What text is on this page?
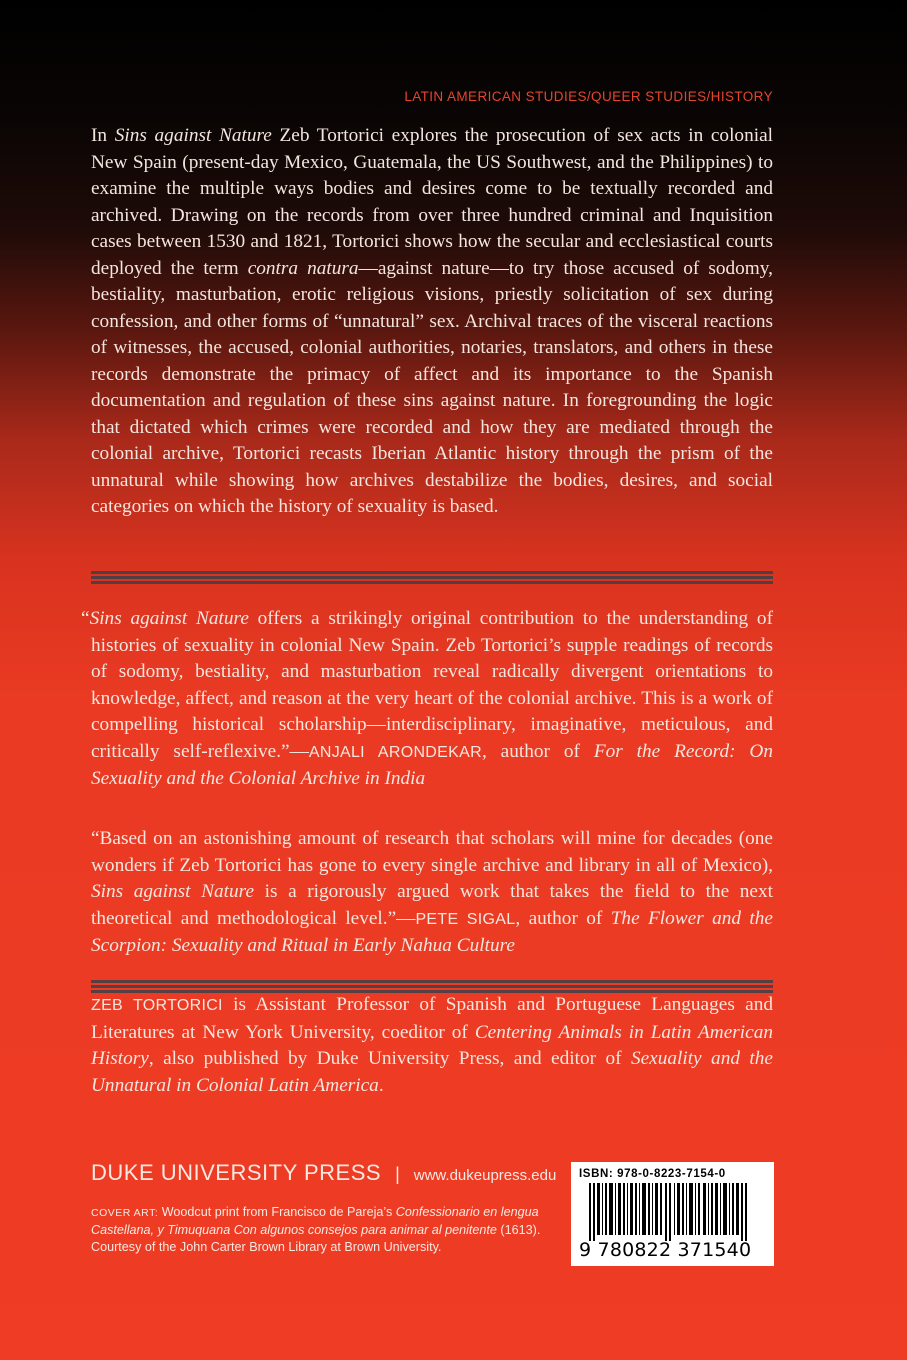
LATIN AMERICAN STUDIES/QUEER STUDIES/HISTORY
In Sins against Nature Zeb Tortorici explores the prosecution of sex acts in colonial New Spain (present-day Mexico, Guatemala, the US Southwest, and the Philippines) to examine the multiple ways bodies and desires come to be textually recorded and archived. Drawing on the records from over three hundred criminal and Inquisition cases between 1530 and 1821, Tortorici shows how the secular and ecclesiastical courts deployed the term contra natura—against nature—to try those accused of sodomy, bestiality, masturbation, erotic religious visions, priestly solicitation of sex during confession, and other forms of “unnatural” sex. Archival traces of the visceral reactions of witnesses, the accused, colonial authorities, notaries, translators, and others in these records demonstrate the primacy of affect and its importance to the Spanish documentation and regulation of these sins against nature. In foregrounding the logic that dictated which crimes were recorded and how they are mediated through the colonial archive, Tortorici recasts Iberian Atlantic history through the prism of the unnatural while showing how archives destabilize the bodies, desires, and social categories on which the history of sexuality is based.
“Sins against Nature offers a strikingly original contribution to the understanding of histories of sexuality in colonial New Spain. Zeb Tortorici’s supple readings of records of sodomy, bestiality, and masturbation reveal radically divergent orientations to knowledge, affect, and reason at the very heart of the colonial archive. This is a work of compelling historical scholarship—interdisciplinary, imaginative, meticulous, and critically self-reflexive.”—ANJALI ARONDEKAR, author of For the Record: On Sexuality and the Colonial Archive in India
“Based on an astonishing amount of research that scholars will mine for decades (one wonders if Zeb Tortorici has gone to every single archive and library in all of Mexico), Sins against Nature is a rigorously argued work that takes the field to the next theoretical and methodological level.”—PETE SIGAL, author of The Flower and the Scorpion: Sexuality and Ritual in Early Nahua Culture
ZEB TORTORICI is Assistant Professor of Spanish and Portuguese Languages and Literatures at New York University, coeditor of Centering Animals in Latin American History, also published by Duke University Press, and editor of Sexuality and the Unnatural in Colonial Latin America.
DUKE UNIVERSITY PRESS | www.dukeupress.edu
COVER ART: Woodcut print from Francisco de Pareja’s Confessionario en lengua Castellana, y Timuquana Con algunos consejos para animar al penitente (1613). Courtesy of the John Carter Brown Library at Brown University.
ISBN: 978-0-8223-7154-0
9 780822 371540
